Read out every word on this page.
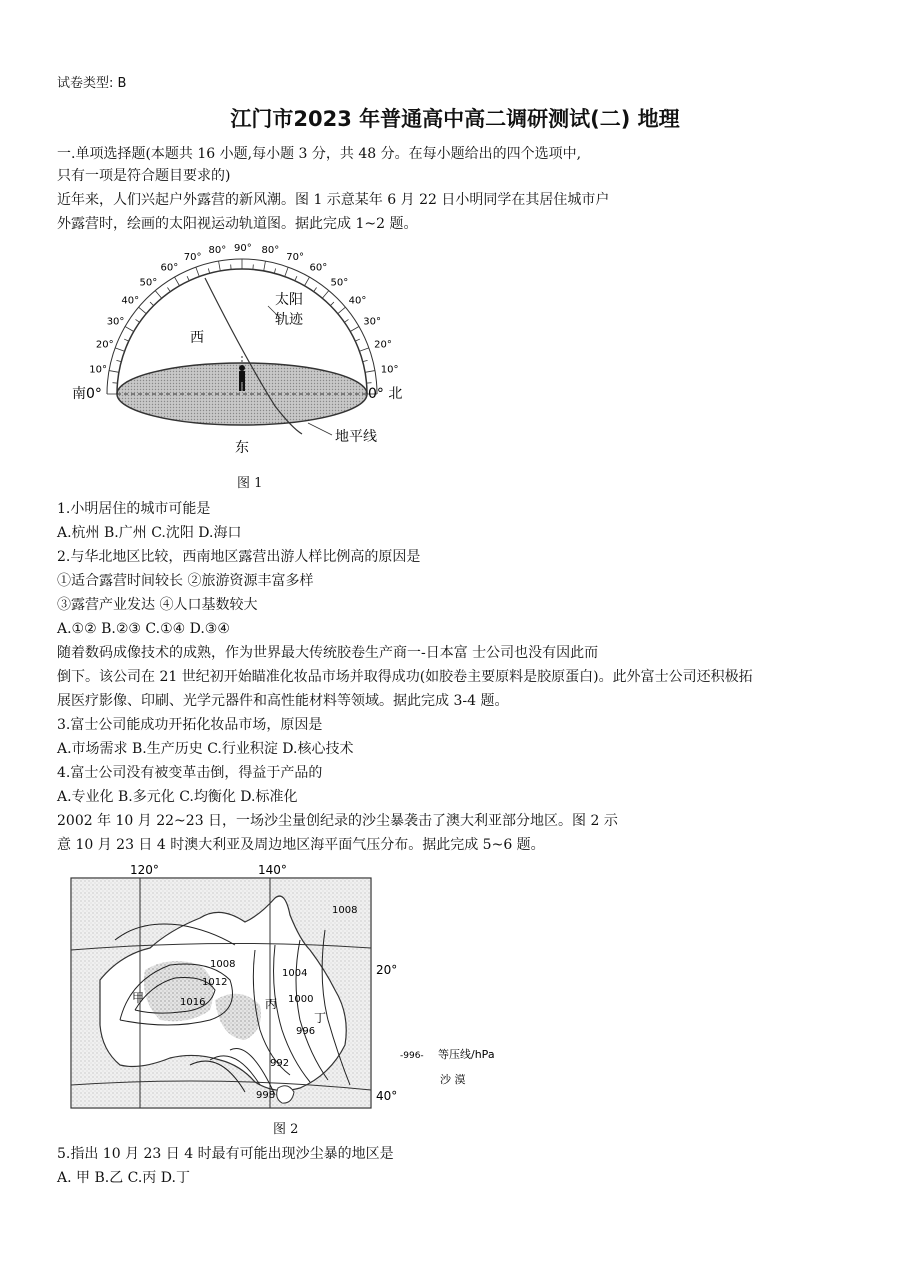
试卷类型: B
江门市2023 年普通高中高二调研测试(二) 地理
一.单项选择题(本题共 16 小题,每小题 3 分，共 48 分。在每小题给出的四个选项中,
只有一项是符合题目要求的)
近年来，人们兴起户外露营的新风潮。图 1 示意某年 6 月 22 日小明同学在其居住城市户
外露营时，绘画的太阳视运动轨道图。据此完成 1~2 题。
西
东
南0°	0° 北
太阳
轨迹
地平线
10°
20°
30°
40°
50°
60°
70°
80° 90° 80°
70°
60°
50°
40°
30°
20°
10°
图 1
1.小明居住的城市可能是
A.杭州 B.广州 C.沈阳 D.海口
2.与华北地区比较，西南地区露营出游人样比例高的原因是
①适合露营时间较长 ②旅游资源丰富多样
③露营产业发达 ④人口基数较大
A.①② B.②③ C.①④ D.③④
随着数码成像技术的成熟，作为世界最大传统胶卷生产商一-日本富 士公司也没有因此而
倒下。该公司在 21 世纪初开始瞄准化妆品市场并取得成功(如胶卷主要原料是胶原蛋白)。此外富士公司还积极拓
展医疗影像、印刷、光学元器件和高性能材料等领域。据此完成 3-4 题。
3.富士公司能成功开拓化妆品市场，原因是
A.市场需求 B.生产历史 C.行业积淀 D.核心技术
4.富士公司没有被变革击倒，得益于产品的
A.专业化 B.多元化 C.均衡化 D.标准化
2002 年 10 月 22~23 日，一场沙尘量创纪录的沙尘暴袭击了澳大利亚部分地区。图 2 示
意 10 月 23 日 4 时澳大利亚及周边地区海平面气压分布。据此完成 5~6 题。
120°	140°
20°
40°
1008
1008
1012
1016
1004
1000
996
992
998
甲	丙
丁
-996- 等压线/hPa
沙 漠
图 2
5.指出 10 月 23 日 4 时最有可能出现沙尘暴的地区是
A. 甲 B.乙 C.丙 D.丁
